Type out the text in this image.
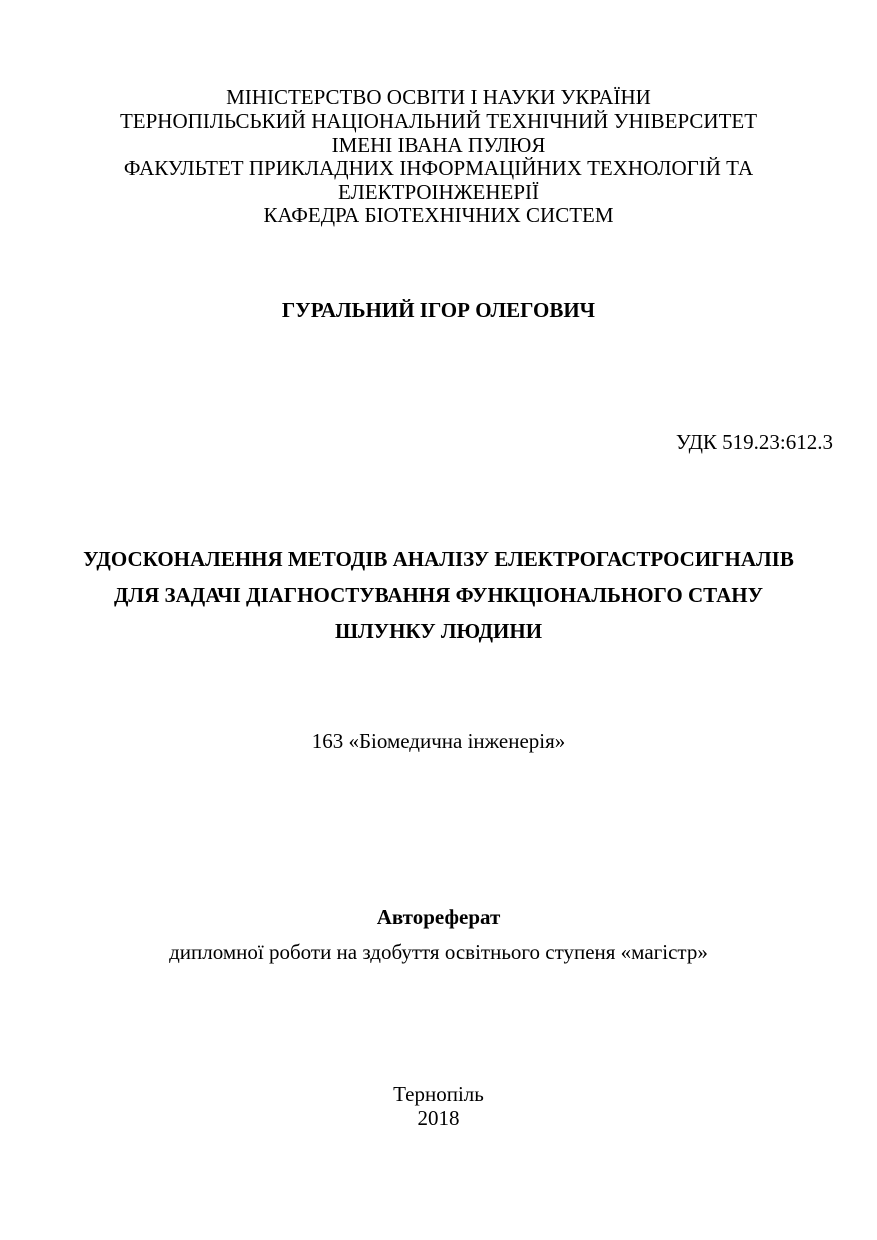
МІНІСТЕРСТВО ОСВІТИ І НАУКИ УКРАЇНИ
ТЕРНОПІЛЬСЬКИЙ НАЦІОНАЛЬНИЙ ТЕХНІЧНИЙ УНІВЕРСИТЕТ
ІМЕНІ ІВАНА ПУЛЮЯ
ФАКУЛЬТЕТ ПРИКЛАДНИХ ІНФОРМАЦІЙНИХ ТЕХНОЛОГІЙ ТА
ЕЛЕКТРОІНЖЕНЕРІЇ
КАФЕДРА БІОТЕХНІЧНИХ СИСТЕМ
ГУРАЛЬНИЙ ІГОР ОЛЕГОВИЧ
УДК 519.23:612.3
УДОСКОНАЛЕННЯ МЕТОДІВ АНАЛІЗУ ЕЛЕКТРОГАСТРОСИГНАЛІВ
ДЛЯ ЗАДАЧІ ДІАГНОСТУВАННЯ ФУНКЦІОНАЛЬНОГО СТАНУ
ШЛУНКУ ЛЮДИНИ
163 «Біомедична інженерія»
Автореферат
дипломної роботи на здобуття освітнього ступеня «магістр»
Тернопіль
2018
